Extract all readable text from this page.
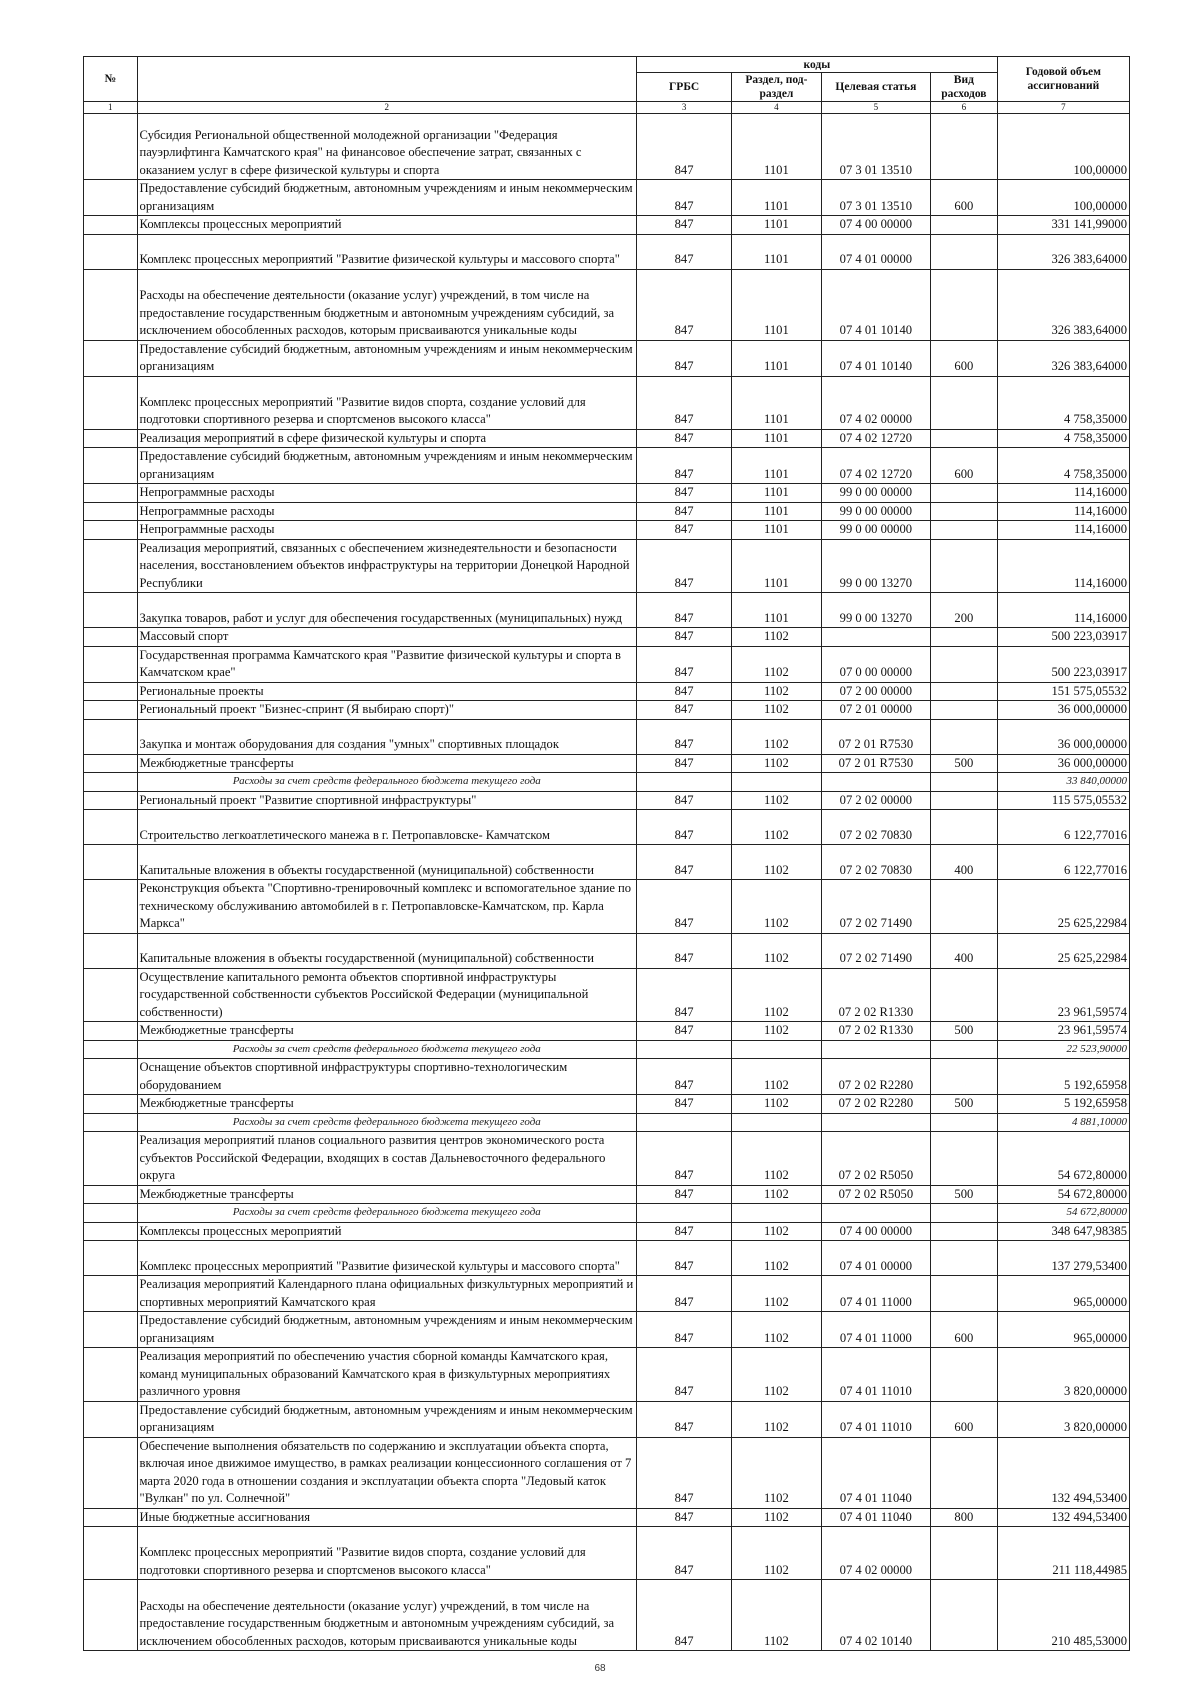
№		коды				Годовой объем ассигнований
		ГРБС	Раздел, под-раздел	Целевая статья	Вид расходов	
1	2	3	4	5	6	7
	Субсидия Региональной общественной молодежной организации "Федерация пауэрлифтинга Камчатского края" на финансовое обеспечение затрат, связанных с оказанием услуг в сфере физической культуры и спорта	847	1101	07 3 01 13510		100,00000
	Предоставление субсидий бюджетным, автономным учреждениям и иным некоммерческим организациям	847	1101	07 3 01 13510	600	100,00000
	Комплексы процессных мероприятий	847	1101	07 4 00 00000		331 141,99000
	Комплекс процессных мероприятий "Развитие физической культуры и массового спорта"	847	1101	07 4 01 00000		326 383,64000
	Расходы на обеспечение деятельности (оказание услуг) учреждений, в том числе на предоставление государственным бюджетным и автономным учреждениям субсидий, за исключением обособленных расходов, которым присваиваются уникальные коды	847	1101	07 4 01 10140		326 383,64000
	Предоставление субсидий бюджетным, автономным учреждениям и иным некоммерческим организациям	847	1101	07 4 01 10140	600	326 383,64000
	Комплекс процессных мероприятий "Развитие видов спорта, создание условий для подготовки спортивного резерва и спортсменов высокого класса"	847	1101	07 4 02 00000		4 758,35000
	Реализация мероприятий в сфере физической культуры и спорта	847	1101	07 4 02 12720		4 758,35000
	Предоставление субсидий бюджетным, автономным учреждениям и иным некоммерческим организациям	847	1101	07 4 02 12720	600	4 758,35000
	Непрограммные расходы	847	1101	99 0 00 00000		114,16000
	Непрограммные расходы	847	1101	99 0 00 00000		114,16000
	Непрограммные расходы	847	1101	99 0 00 00000		114,16000
	Реализация мероприятий, связанных с обеспечением жизнедеятельности и безопасности населения, восстановлением объектов инфраструктуры на территории Донецкой Народной Республики	847	1101	99 0 00 13270		114,16000
	Закупка товаров, работ и услуг для обеспечения государственных (муниципальных) нужд	847	1101	99 0 00 13270	200	114,16000
	Массовый спорт	847	1102			500 223,03917
	Государственная программа Камчатского края "Развитие физической культуры и спорта в Камчатском крае"	847	1102	07 0 00 00000		500 223,03917
	Региональные проекты	847	1102	07 2 00 00000		151 575,05532
	Региональный проект "Бизнес-спринт (Я выбираю спорт)"	847	1102	07 2 01 00000		36 000,00000
	Закупка и монтаж оборудования для создания "умных" спортивных площадок	847	1102	07 2 01 R7530		36 000,00000
	Межбюджетные трансферты	847	1102	07 2 01 R7530	500	36 000,00000
	Расходы за счет средств федерального бюджета текущего года					33 840,00000
	Региональный проект "Развитие спортивной инфраструктуры"	847	1102	07 2 02 00000		115 575,05532
	Строительство легкоатлетического манежа в г. Петропавловске- Камчатском	847	1102	07 2 02 70830		6 122,77016
	Капитальные вложения в объекты государственной (муниципальной) собственности	847	1102	07 2 02 70830	400	6 122,77016
	Реконструкция объекта "Спортивно-тренировочный комплекс и вспомогательное здание по техническому обслуживанию автомобилей в г. Петропавловске-Камчатском, пр. Карла Маркса"	847	1102	07 2 02 71490		25 625,22984
	Капитальные вложения в объекты государственной (муниципальной) собственности	847	1102	07 2 02 71490	400	25 625,22984
	Осуществление капитального ремонта объектов спортивной инфраструктуры государственной собственности субъектов Российской Федерации (муниципальной собственности)	847	1102	07 2 02 R1330		23 961,59574
	Межбюджетные трансферты	847	1102	07 2 02 R1330	500	23 961,59574
	Расходы за счет средств федерального бюджета текущего года					22 523,90000
	Оснащение объектов спортивной инфраструктуры спортивно-технологическим оборудованием	847	1102	07 2 02 R2280		5 192,65958
	Межбюджетные трансферты	847	1102	07 2 02 R2280	500	5 192,65958
	Расходы за счет средств федерального бюджета текущего года					4 881,10000
	Реализация мероприятий планов социального развития центров экономического роста субъектов Российской Федерации, входящих в состав Дальневосточного федерального округа	847	1102	07 2 02 R5050		54 672,80000
	Межбюджетные трансферты	847	1102	07 2 02 R5050	500	54 672,80000
	Расходы за счет средств федерального бюджета текущего года					54 672,80000
	Комплексы процессных мероприятий	847	1102	07 4 00 00000		348 647,98385
	Комплекс процессных мероприятий "Развитие физической культуры и массового спорта"	847	1102	07 4 01 00000		137 279,53400
	Реализация мероприятий Календарного плана официальных физкультурных мероприятий и спортивных мероприятий Камчатского края	847	1102	07 4 01 11000		965,00000
	Предоставление субсидий бюджетным, автономным учреждениям и иным некоммерческим организациям	847	1102	07 4 01 11000	600	965,00000
	Реализация мероприятий по обеспечению участия сборной команды Камчатского края, команд муниципальных образований Камчатского края в физкультурных мероприятиях различного уровня	847	1102	07 4 01 11010		3 820,00000
	Предоставление субсидий бюджетным, автономным учреждениям и иным некоммерческим организациям	847	1102	07 4 01 11010	600	3 820,00000
	Обеспечение выполнения обязательств по содержанию и эксплуатации объекта спорта, включая иное движимое имущество, в рамках реализации концессионного соглашения от 7 марта 2020 года в отношении создания и эксплуатации объекта спорта "Ледовый каток "Вулкан" по ул. Солнечной"	847	1102	07 4 01 11040		132 494,53400
	Иные бюджетные ассигнования	847	1102	07 4 01 11040	800	132 494,53400
	Комплекс процессных мероприятий "Развитие видов спорта, создание условий для подготовки спортивного резерва и спортсменов высокого класса"	847	1102	07 4 02 00000		211 118,44985
	Расходы на обеспечение деятельности (оказание услуг) учреждений, в том числе на предоставление государственным бюджетным и автономным учреждениям субсидий, за исключением обособленных расходов, которым присваиваются уникальные коды	847	1102	07 4 02 10140		210 485,53000
68
